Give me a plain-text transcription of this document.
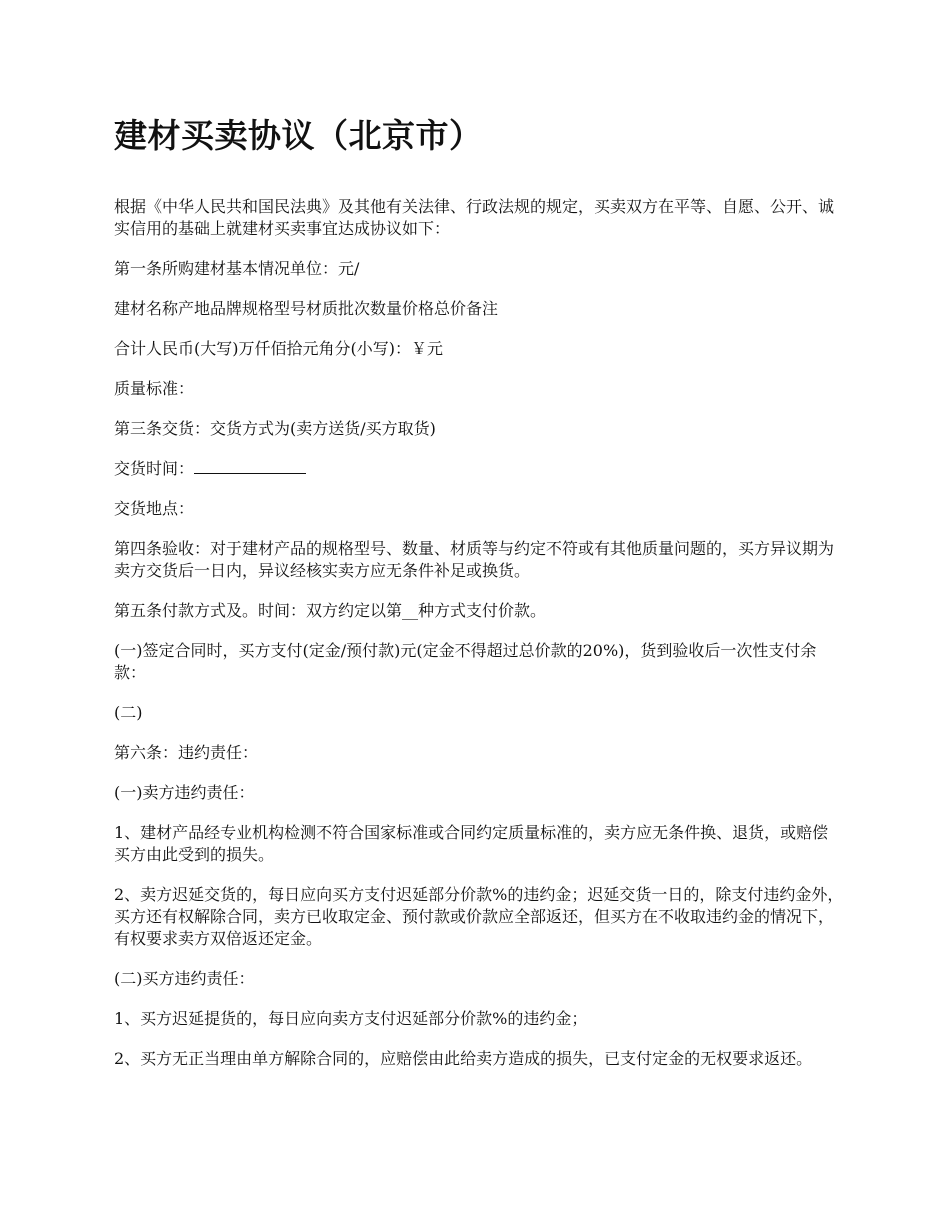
建材买卖协议（北京市）

根据《中华人民共和国民法典》及其他有关法律、行政法规的规定，买卖双方在平等、自愿、公开、诚实信用的基础上就建材买卖事宜达成协议如下：

第一条所购建材基本情况单位：元/

建材名称产地品牌规格型号材质批次数量价格总价备注

合计人民币(大写)万仟佰拾元角分(小写)：￥元

质量标准：

第三条交货：交货方式为(卖方送货/买方取货)

交货时间：

交货地点：

第四条验收：对于建材产品的规格型号、数量、材质等与约定不符或有其他质量问题的，买方异议期为卖方交货后一日内，异议经核实卖方应无条件补足或换货。

第五条付款方式及。时间：双方约定以第__种方式支付价款。

(一)签定合同时，买方支付(定金/预付款)元(定金不得超过总价款的20%)，货到验收后一次性支付余款：

(二)

第六条：违约责任：

(一)卖方违约责任：

1、建材产品经专业机构检测不符合国家标准或合同约定质量标准的，卖方应无条件换、退货，或赔偿买方由此受到的损失。

2、卖方迟延交货的，每日应向买方支付迟延部分价款%的违约金；迟延交货一日的，除支付违约金外，买方还有权解除合同，卖方已收取定金、预付款或价款应全部返还，但买方在不收取违约金的情况下，有权要求卖方双倍返还定金。

(二)买方违约责任：

1、买方迟延提货的，每日应向卖方支付迟延部分价款%的违约金；

2、买方无正当理由单方解除合同的，应赔偿由此给卖方造成的损失，已支付定金的无权要求返还。
